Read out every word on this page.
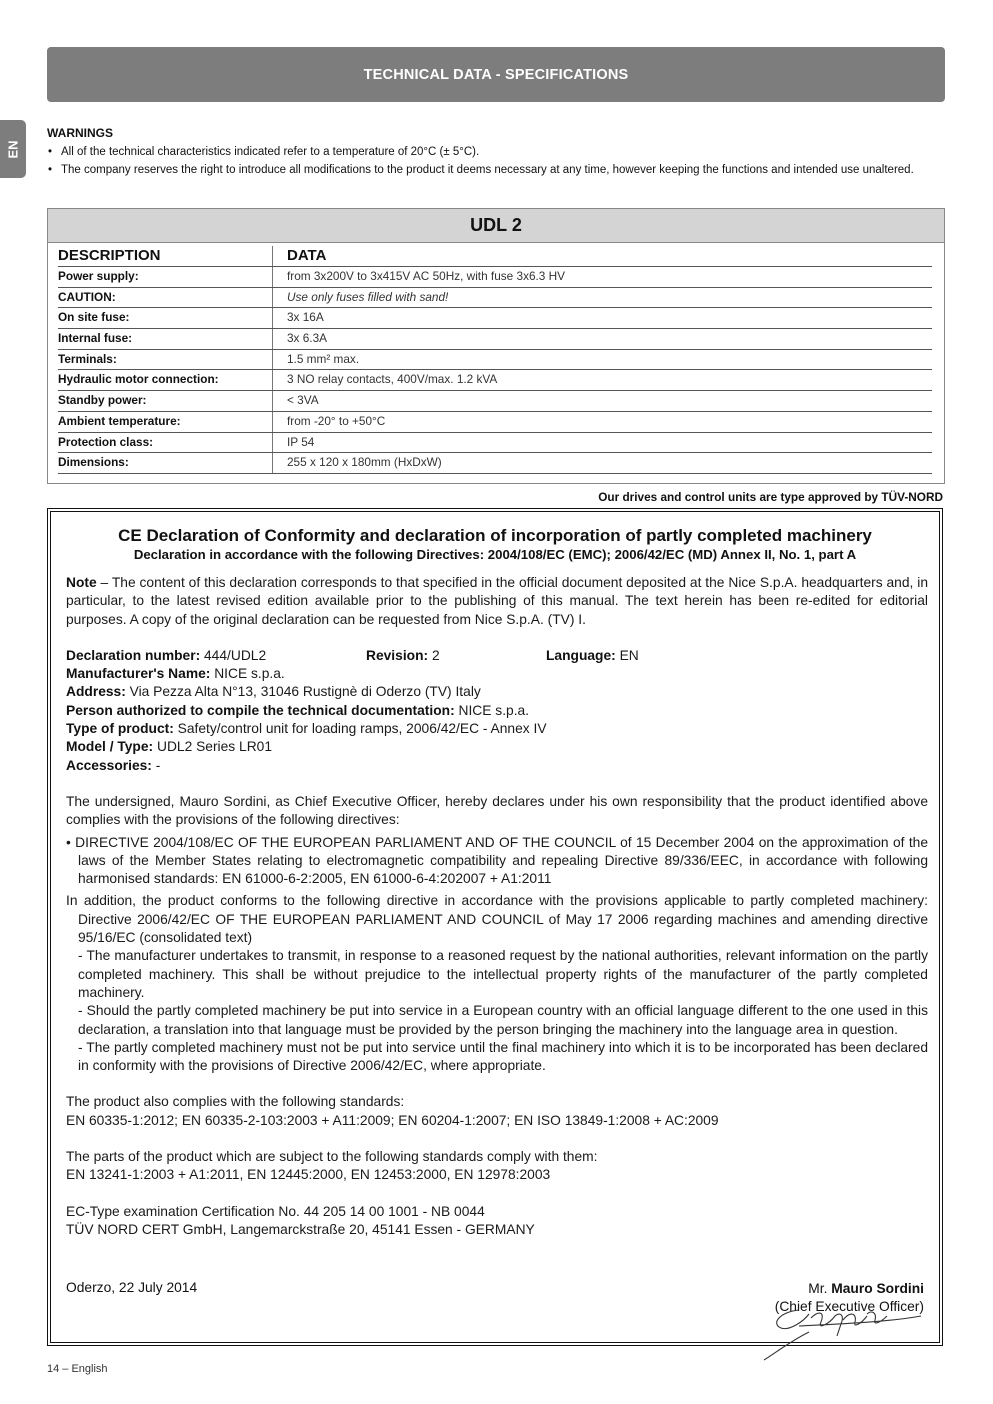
TECHNICAL DATA - SPECIFICATIONS
EN
WARNINGS
• All of the technical characteristics indicated refer to a temperature of 20°C (± 5°C).
• The company reserves the right to introduce all modifications to the product it deems necessary at any time, however keeping the functions and intended use unaltered.
UDL 2
DESCRIPTION	DATA
Power supply:	from 3x200V to 3x415V AC 50Hz, with fuse 3x6.3 HV
CAUTION:	Use only fuses filled with sand!
On site fuse:	3x 16A
Internal fuse:	3x 6.3A
Terminals:	1.5 mm² max.
Hydraulic motor connection:	3 NO relay contacts, 400V/max. 1.2 kVA
Standby power:	< 3VA
Ambient temperature:	from -20° to +50°C
Protection class:	IP 54
Dimensions:	255 x 120 x 180mm (HxDxW)
Our drives and control units are type approved by TÜV-NORD
CE Declaration of Conformity and declaration of incorporation of partly completed machinery
Declaration in accordance with the following Directives: 2004/108/EC (EMC); 2006/42/EC (MD) Annex II, No. 1, part A

Note – The content of this declaration corresponds to that specified in the official document deposited at the Nice S.p.A. headquarters and, in particular, to the latest revised edition available prior to the publishing of this manual. The text herein has been re-edited for editorial purposes. A copy of the original declaration can be requested from Nice S.p.A. (TV) I.

Declaration number: 444/UDL2	Revision: 2	Language: EN

Manufacturer's Name: NICE s.p.a.

Address: Via Pezza Alta N°13, 31046 Rustignè di Oderzo (TV) Italy

Person authorized to compile the technical documentation: NICE s.p.a.

Type of product: Safety/control unit for loading ramps, 2006/42/EC - Annex IV

Model / Type: UDL2 Series LR01

Accessories: -

The undersigned, Mauro Sordini, as Chief Executive Officer, hereby declares under his own responsibility that the product identified above complies with the provisions of the following directives:

• DIRECTIVE 2004/108/EC OF THE EUROPEAN PARLIAMENT AND OF THE COUNCIL of 15 December 2004 on the approximation of the laws of the Member States relating to electromagnetic compatibility and repealing Directive 89/336/EEC, in accordance with following harmonised standards: EN 61000-6-2:2005, EN 61000-6-4:202007 + A1:2011

In addition, the product conforms to the following directive in accordance with the provisions applicable to partly completed machinery: Directive 2006/42/EC OF THE EUROPEAN PARLIAMENT AND COUNCIL of May 17 2006 regarding machines and amending directive 95/16/EC (consolidated text)

- The manufacturer undertakes to transmit, in response to a reasoned request by the national authorities, relevant information on the partly completed machinery. This shall be without prejudice to the intellectual property rights of the manufacturer of the partly completed machinery.

- Should the partly completed machinery be put into service in a European country with an official language different to the one used in this declaration, a translation into that language must be provided by the person bringing the machinery into the language area in question.

- The partly completed machinery must not be put into service until the final machinery into which it is to be incorporated has been declared in conformity with the provisions of Directive 2006/42/EC, where appropriate.

The product also complies with the following standards:

EN 60335-1:2012; EN 60335-2-103:2003 + A11:2009; EN 60204-1:2007; EN ISO 13849-1:2008 + AC:2009

The parts of the product which are subject to the following standards comply with them:

EN 13241-1:2003 + A1:2011, EN 12445:2000, EN 12453:2000, EN 12978:2003

EC-Type examination Certification No. 44 205 14 00 1001 - NB 0044

TÜV NORD CERT GmbH, Langemarckstraße 20, 45141 Essen - GERMANY

Oderzo, 22 July 2014	Mr. Mauro Sordini
(Chief Executive Officer)
14 – English
